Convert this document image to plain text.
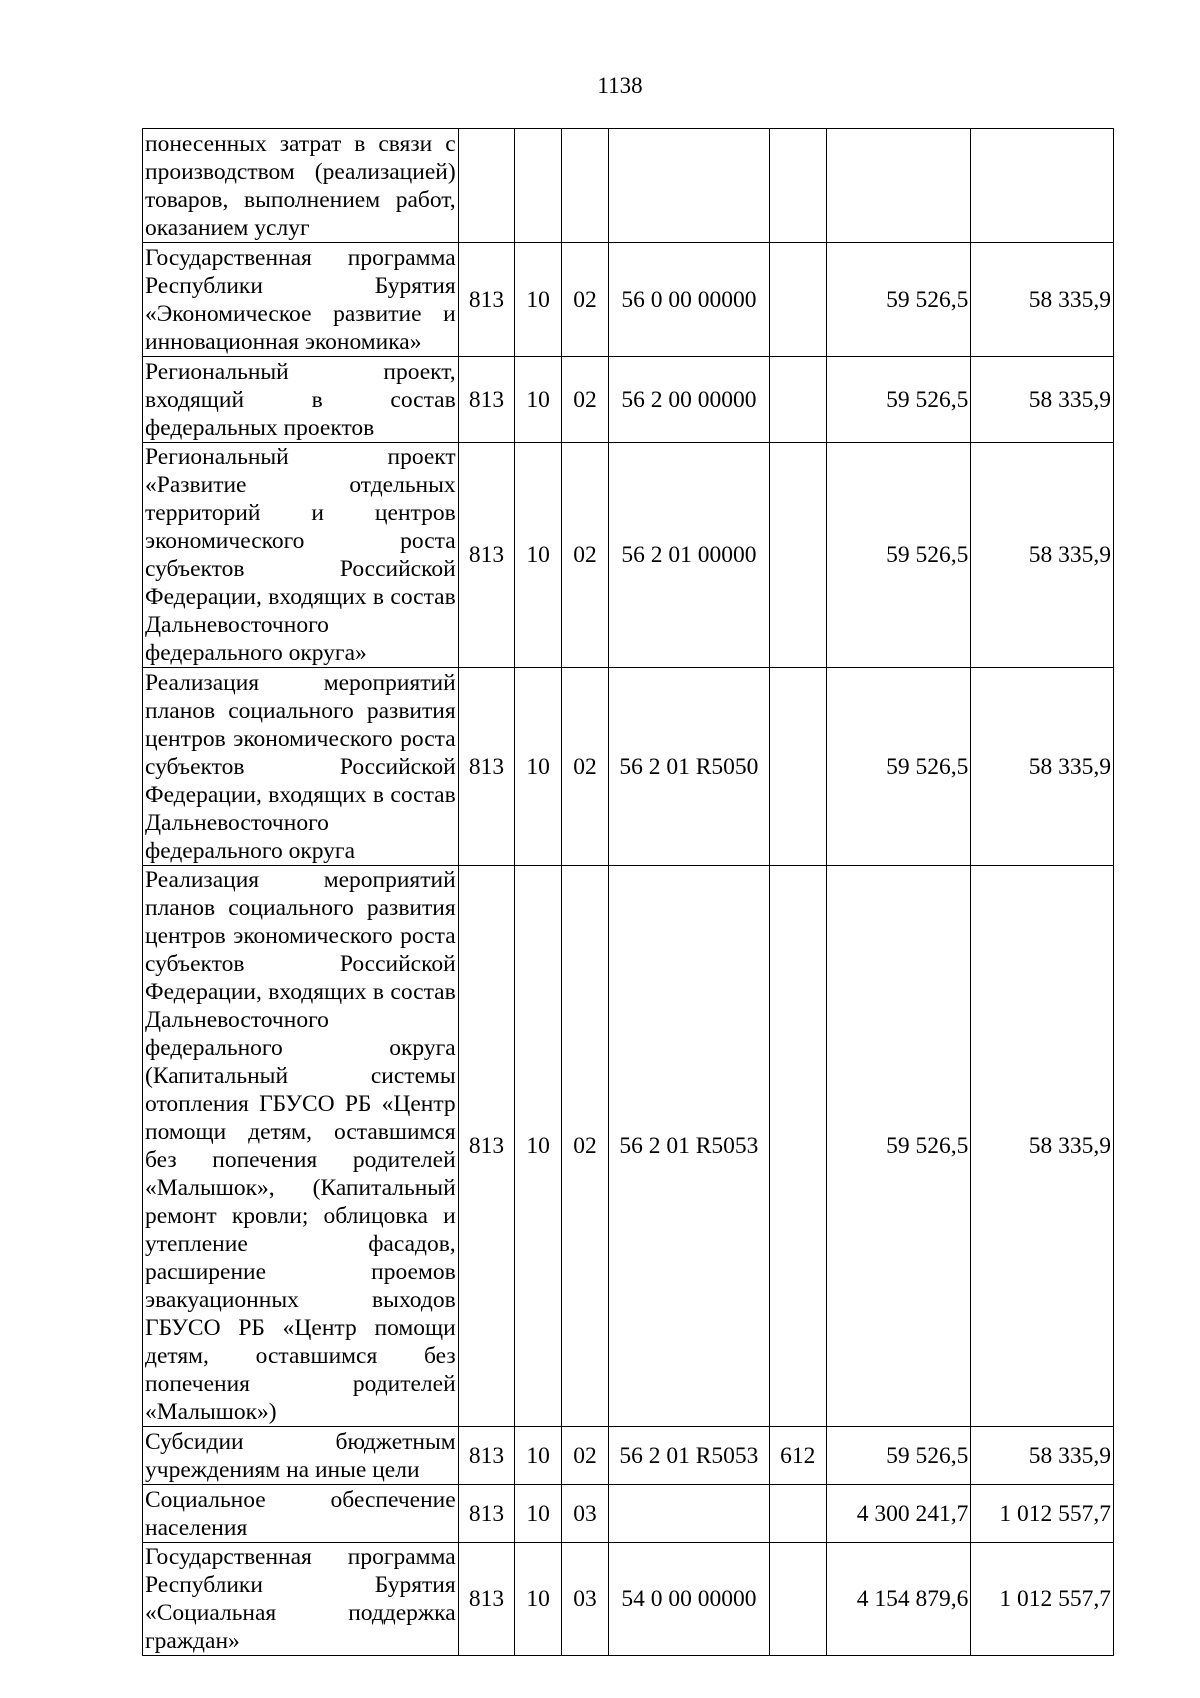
1138
понесенных затрат в связи с производством (реализацией) товаров, выполнением работ, оказанием услуг							
Государственная программа Республики Бурятия «Экономическое развитие и инновационная экономика»	813	10	02	56 0 00 00000		59 526,5	58 335,9
Региональный проект, входящий в состав федеральных проектов	813	10	02	56 2 00 00000		59 526,5	58 335,9
Региональный проект «Развитие отдельных территорий и центров экономического роста субъектов Российской Федерации, входящих в состав Дальневосточного федерального округа»	813	10	02	56 2 01 00000		59 526,5	58 335,9
Реализация мероприятий планов социального развития центров экономического роста субъектов Российской Федерации, входящих в состав Дальневосточного федерального округа	813	10	02	56 2 01 R5050		59 526,5	58 335,9
Реализация мероприятий планов социального развития центров экономического роста субъектов Российской Федерации, входящих в состав Дальневосточного федерального округа (Капитальный системы отопления ГБУСО РБ «Центр помощи детям, оставшимся без попечения родителей «Малышок», (Капитальный ремонт кровли; облицовка и утепление фасадов, расширение проемов эвакуационных выходов ГБУСО РБ «Центр помощи детям, оставшимся без попечения родителей «Малышок»)	813	10	02	56 2 01 R5053		59 526,5	58 335,9
Субсидии бюджетным учреждениям на иные цели	813	10	02	56 2 01 R5053	612	59 526,5	58 335,9
Социальное обеспечение населения	813	10	03			4 300 241,7	1 012 557,7
Государственная программа Республики Бурятия «Социальная поддержка граждан»	813	10	03	54 0 00 00000		4 154 879,6	1 012 557,7
